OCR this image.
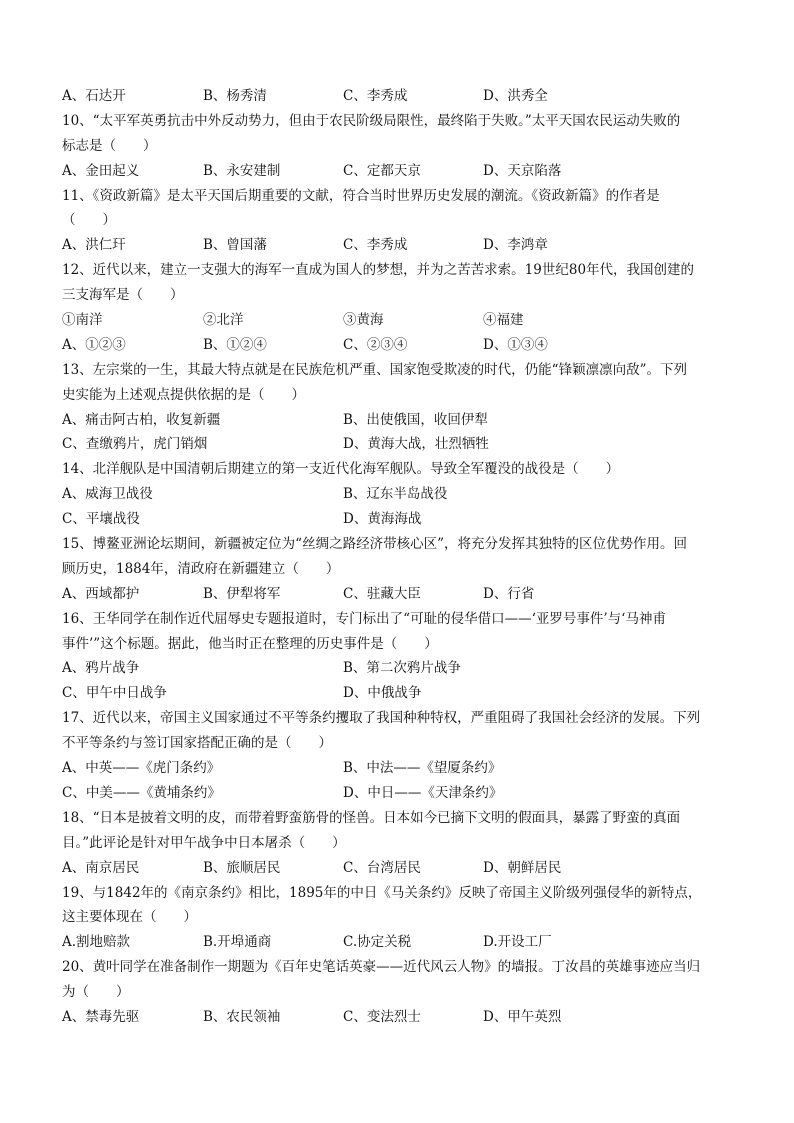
A、石达开	B、杨秀清	C、李秀成	D、洪秀全
10、“太平军英勇抗击中外反动势力，但由于农民阶级局限性，最终陷于失败。”太平天国农民运动失败的
标志是（　　）
A、金田起义	B、永安建制	C、定都天京	D、天京陷落
11、《资政新篇》是太平天国后期重要的文献，符合当时世界历史发展的潮流。《资政新篇》的作者是
（　　）
A、洪仁玕	B、曾国藩	C、李秀成	D、李鸿章
12、近代以来，建立一支强大的海军一直成为国人的梦想，并为之苦苦求索。19世纪80年代，我国创建的
三支海军是（　　）
①南洋	②北洋	③黄海	④福建
A、①②③	B、①②④	C、②③④	D、①③④
13、左宗棠的一生，其最大特点就是在民族危机严重、国家饱受欺凌的时代，仍能“锋颖凛凛向敌”。下列
史实能为上述观点提供依据的是（　　）
A、痛击阿古柏，收复新疆	B、出使俄国，收回伊犁
C、查缴鸦片，虎门销烟	D、黄海大战，壮烈牺牲
14、北洋舰队是中国清朝后期建立的第一支近代化海军舰队。导致全军覆没的战役是（　　）
A、威海卫战役	B、辽东半岛战役
C、平壤战役	D、黄海海战
15、博鳌亚洲论坛期间，新疆被定位为“丝绸之路经济带核心区”，将充分发挥其独特的区位优势作用。回
顾历史，1884年，清政府在新疆建立（　　）
A、西域都护	B、伊犁将军	C、驻藏大臣	D、行省
16、王华同学在制作近代屈辱史专题报道时，专门标出了“可耻的侵华借口——‘亚罗号事件’与‘马神甫
事件’”这个标题。据此，他当时正在整理的历史事件是（　　）
A、鸦片战争	B、第二次鸦片战争
C、甲午中日战争	D、中俄战争
17、近代以来，帝国主义国家通过不平等条约攫取了我国种种特权，严重阻碍了我国社会经济的发展。下列
不平等条约与签订国家搭配正确的是（　　）
A、中英——《虎门条约》	B、中法——《望厦条约》
C、中美——《黄埔条约》	D、中日——《天津条约》
18、“日本是披着文明的皮，而带着野蛮筋骨的怪兽。日本如今已摘下文明的假面具，暴露了野蛮的真面
目。”此评论是针对甲午战争中日本屠杀（　　）
A、南京居民	B、旅顺居民	C、台湾居民	D、朝鲜居民
19、与1842年的《南京条约》相比，1895年的中日《马关条约》反映了帝国主义阶级列强侵华的新特点，
这主要体现在（　　）
A.割地赔款	B.开埠通商	C.协定关税	D.开设工厂
20、黄叶同学在准备制作一期题为《百年史笔话英豪——近代风云人物》的墙报。丁汝昌的英雄事迹应当归
为（　　）
A、禁毒先驱	B、农民领袖	C、变法烈士	D、甲午英烈
